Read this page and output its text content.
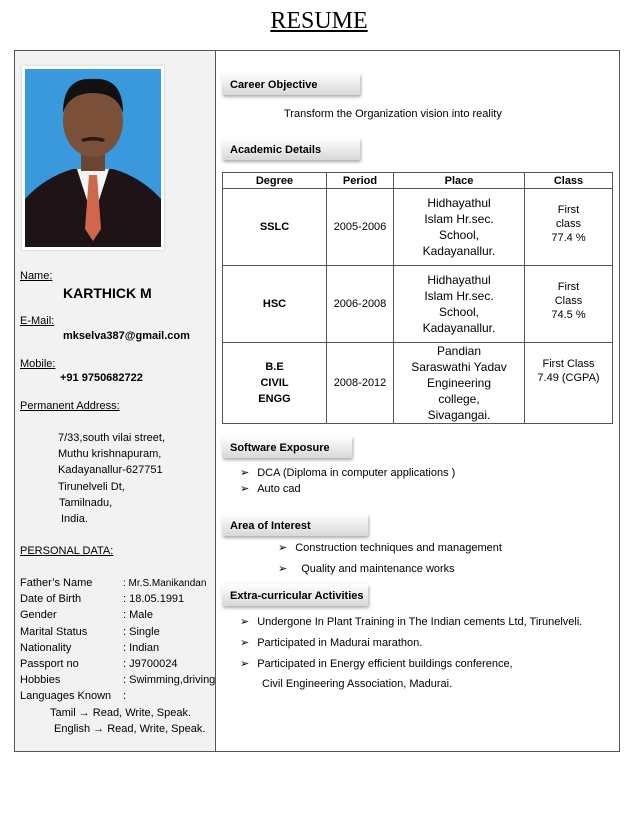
RESUME
Name:
KARTHICK M
E-Mail:
mkselva387@gmail.com
Mobile:
+91 9750682722
Permanent Address:
7/33,south vilai street,
Muthu krishnapuram,
Kadayanallur-627751
Tirunelveli Dt,
Tamilnadu,
India.
PERSONAL DATA:
Father’s Name	: Mr.S.Manikandan
Date of Birth	: 18.05.1991
Gender	: Male
Marital Status	: Single
Nationality	: Indian
Passport no	: J9700024
Hobbies	: Swimming,driving
Languages Known :
Tamil → Read, Write, Speak.
English → Read, Write, Speak.
Career Objective
Transform the Organization vision into reality
Academic Details
Degree	Period	Place	Class
SSLC	2005-2006	Hidhayathul Islam Hr.sec. School, Kadayanallur.	First class 77.4 %
HSC	2006-2008	Hidhayathul Islam Hr.sec. School, Kadayanallur.	First Class 74.5 %
B.E CIVIL ENGG	2008-2012	Pandian Saraswathi Yadav Engineering college, Sivagangai.	First Class 7.49 (CGPA)
Software Exposure
➢ DCA (Diploma in computer applications )
➢ Auto cad
Area of Interest
➢ Construction techniques and management
➢ Quality and maintenance works
Extra-curricular Activities
➢ Undergone In Plant Training in The Indian cements Ltd, Tirunelveli.
➢ Participated in Madurai marathon.
➢ Participated in Energy efficient buildings conference,
Civil Engineering Association, Madurai.
